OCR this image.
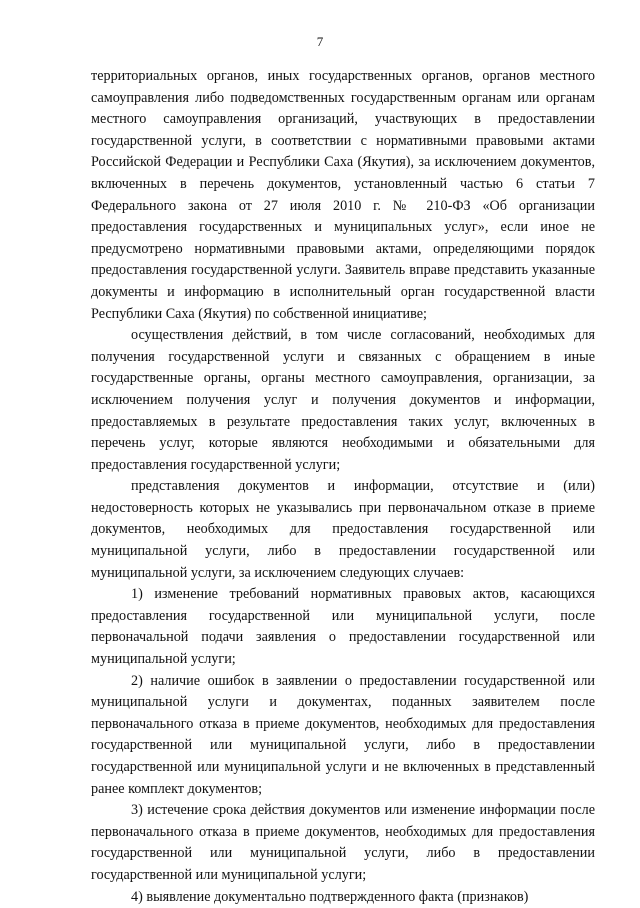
7

территориальных органов, иных государственных органов, органов местного самоуправления либо подведомственных государственным органам или органам местного самоуправления организаций, участвующих в предоставлении государственной услуги, в соответствии с нормативными правовыми актами Российской Федерации и Республики Саха (Якутия), за исключением документов, включенных в перечень документов, установленный частью 6 статьи 7 Федерального закона от 27 июля 2010 г. № 210-ФЗ «Об организации предоставления государственных и муниципальных услуг», если иное не предусмотрено нормативными правовыми актами, определяющими порядок предоставления государственной услуги. Заявитель вправе представить указанные документы и информацию в исполнительный орган государственной власти Республики Саха (Якутия) по собственной инициативе;

осуществления действий, в том числе согласований, необходимых для получения государственной услуги и связанных с обращением в иные государственные органы, органы местного самоуправления, организации, за исключением получения услуг и получения документов и информации, предоставляемых в результате предоставления таких услуг, включенных в перечень услуг, которые являются необходимыми и обязательными для предоставления государственной услуги;

представления документов и информации, отсутствие и (или) недостоверность которых не указывались при первоначальном отказе в приеме документов, необходимых для предоставления государственной или муниципальной услуги, либо в предоставлении государственной или муниципальной услуги, за исключением следующих случаев:

1) изменение требований нормативных правовых актов, касающихся предоставления государственной или муниципальной услуги, после первоначальной подачи заявления о предоставлении государственной или муниципальной услуги;

2) наличие ошибок в заявлении о предоставлении государственной или муниципальной услуги и документах, поданных заявителем после первоначального отказа в приеме документов, необходимых для предоставления государственной или муниципальной услуги, либо в предоставлении государственной или муниципальной услуги и не включенных в представленный ранее комплект документов;

3) истечение срока действия документов или изменение информации после первоначального отказа в приеме документов, необходимых для предоставления государственной или муниципальной услуги, либо в предоставлении государственной или муниципальной услуги;

4) выявление документально подтвержденного факта (признаков)
